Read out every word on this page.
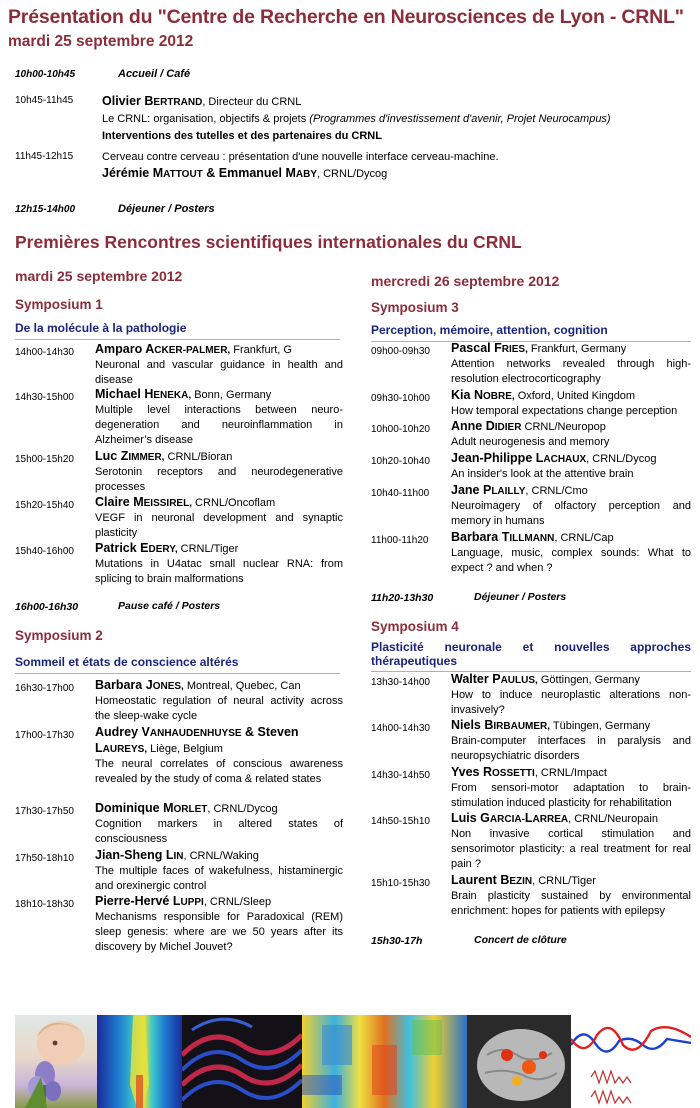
Présentation du "Centre de Recherche en Neurosciences de Lyon - CRNL"
mardi 25 septembre 2012
10h00-10h45	Accueil / Café
10h45-11h45	Olivier BERTRAND, Directeur du CRNL
Le CRNL: organisation, objectifs & projets (Programmes d'investissement d'avenir, Projet Neurocampus)
Interventions des tutelles et des partenaires du CRNL
11h45-12h15	Cerveau contre cerveau : présentation d'une nouvelle interface cerveau-machine.
Jérémie MATTOUT & Emmanuel MABY, CRNL/Dycog
12h15-14h00	Déjeuner / Posters
Premières Rencontres scientifiques internationales du CRNL
mardi 25 septembre 2012
Symposium 1
De la molécule à la pathologie
14h00-14h30 Amparo ACKER-PALMER, Frankfurt, G
Neuronal and vascular guidance in health and disease
14h30-15h00 Michael HENEKA, Bonn, Germany
Multiple level interactions between neuro-degeneration and neuroinflammation in Alzheimer’s disease
15h00-15h20 Luc ZIMMER, CRNL/Bioran
Serotonin receptors and neurodegenerative processes
15h20-15h40 Claire MEISSIREL, CRNL/Oncoflam
VEGF in neuronal development and synaptic plasticity
15h40-16h00 Patrick EDERY, CRNL/Tiger
Mutations in U4atac small nuclear RNA: from splicing to brain malformations
16h00-16h30	Pause café / Posters
Symposium 2
Sommeil et états de conscience altérés
16h30-17h00 Barbara JONES, Montreal, Quebec, Can
Homeostatic regulation of neural activity across the sleep-wake cycle
17h00-17h30 Audrey VANHAUDENHUYSE & Steven LAUREYS, Liège, Belgium
The neural correlates of conscious awareness revealed by the study of coma & related states
17h30-17h50 Dominique MORLET, CRNL/Dycog
Cognition markers in altered states of consciousness
17h50-18h10 Jian-Sheng LIN, CRNL/Waking
The multiple faces of wakefulness, histaminergic and orexinergic control
18h10-18h30 Pierre-Hervé LUPPI, CRNL/Sleep
Mechanisms responsible for Paradoxical (REM) sleep genesis: where are we 50 years after its discovery by Michel Jouvet?
mercredi 26 septembre 2012
Symposium 3
Perception, mémoire, attention, cognition
09h00-09h30 Pascal FRIES, Frankfurt, Germany
Attention networks revealed through high-resolution electrocorticography
09h30-10h00 Kia NOBRE, Oxford, United Kingdom
How temporal expectations change perception
10h00-10h20 Anne DIDIER CRNL/Neuropop
Adult neurogenesis and memory
10h20-10h40 Jean-Philippe LACHAUX, CRNL/Dycog
An insider's look at the attentive brain
10h40-11h00 Jane PLAILLY, CRNL/Cmo
Neuroimagery of olfactory perception and memory in humans
11h00-11h20 Barbara TILLMANN, CRNL/Cap
Language, music, complex sounds: What to expect ? and when ?
11h20-13h30	Déjeuner / Posters
Symposium 4
Plasticité neuronale et nouvelles approches
thérapeutiques
13h30-14h00 Walter PAULUS, Göttingen, Germany
How to induce neuroplastic alterations non-invasively?
14h00-14h30 Niels BIRBAUMER, Tübingen, Germany
Brain-computer interfaces in paralysis and neuropsychiatric disorders
14h30-14h50 Yves ROSSETTI, CRNL/Impact
From sensori-motor adaptation to brain-stimulation induced plasticity for rehabilitation
14h50-15h10 Luis GARCIA-LARREA, CRNL/Neuropain
Non invasive cortical stimulation and sensorimotor plasticity: a real treatment for real pain ?
15h10-15h30 Laurent BEZIN, CRNL/Tiger
Brain plasticity sustained by environmental enrichment: hopes for patients with epilepsy
15h30-17h	Concert de clôture
